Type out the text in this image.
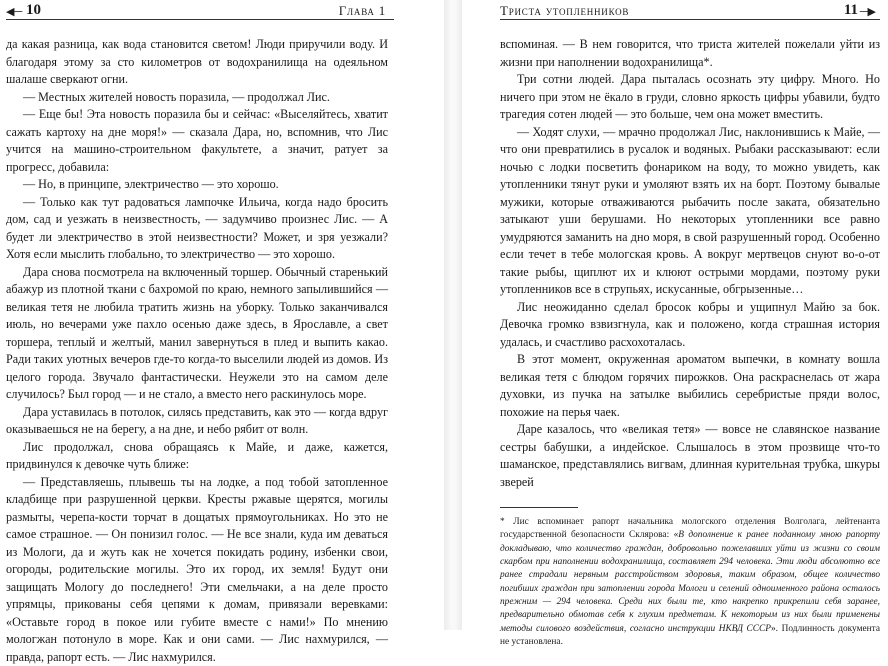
◀─ 10	Глава 1

да какая разница, как вода становится светом! Люди приручили воду. И благодаря этому за сто километров от водохранилища на одеяльном шалаше сверкают огни.

— Местных жителей новость поразила, — продолжал Лис.

— Еще бы! Эта новость поразила бы и сейчас: «Выселяйтесь, хватит сажать картоху на дне моря!» — сказала Дара, но, вспомнив, что Лис учится на машино-строительном факультете, а значит, ратует за прогресс, добавила:

— Но, в принципе, электричество — это хорошо.

— Только как тут радоваться лампочке Ильича, когда надо бросить дом, сад и уезжать в неизвестность, — задумчиво произнес Лис. — А будет ли электричество в этой неизвестности? Может, и зря уезжали? Хотя если мыслить глобально, то электричество — это хорошо.

Дара снова посмотрела на включенный торшер. Обычный старенький абажур из плотной ткани с бахромой по краю, немного запылившийся — великая тетя не любила тратить жизнь на уборку. Только заканчивался июль, но вечерами уже пахло осенью даже здесь, в Ярославле, а свет торшера, теплый и желтый, манил завернуться в плед и выпить какао. Ради таких уютных вечеров где-то когда-то выселили людей из домов. Из целого города. Звучало фантастически. Неужели это на самом деле случилось? Был город — и не стало, а вместо него раскинулось море.

Дара уставилась в потолок, силясь представить, как это — когда вдруг оказываешься не на берегу, а на дне, и небо рябит от волн.

Лис продолжал, снова обращаясь к Майе, и даже, кажется, придвинулся к девочке чуть ближе:

— Представляешь, плывешь ты на лодке, а под тобой затопленное кладбище при разрушенной церкви. Кресты ржавые щерятся, могилы размыты, черепа-кости торчат в дощатых прямоугольниках. Но это не самое страшное. — Он понизил голос. — Не все знали, куда им деваться из Мологи, да и жуть как не хочется покидать родину, избенки свои, огороды, родительские могилы. Это их город, их земля! Будут они защищать Мологу до последнего! Эти смельчаки, а на деле просто упрямцы, прикованы себя цепями к домам, привязали веревками: «Оставьте город в покое или губите вместе с нами!» По мнению мологжан потонуло в море. Как и они сами. — Лис нахмурился, — правда, рапорт есть. — Лис нахмурился.

Триста утопленников	11 ─▶

вспоминая. — В нем говорится, что триста жителей пожелали уйти из жизни при наполнении водохранилища*.

Три сотни людей. Дара пыталась осознать эту цифру. Много. Но ничего при этом не ёкало в груди, словно яркость цифры убавили, будто трагедия сотен людей — это больше, чем она может вместить.

— Ходят слухи, — мрачно продолжал Лис, наклонившись к Майе, — что они превратились в русалок и водяных. Рыбаки рассказывают: если ночью с лодки посветить фонариком на воду, то можно увидеть, как утопленники тянут руки и умоляют взять их на борт. Поэтому бывалые мужики, которые отваживаются рыбачить после заката, обязательно затыкают уши берушами. Но некоторых утопленники все равно умудряются заманить на дно моря, в свой разрушенный город. Особенно если течет в тебе мологская кровь. А вокруг мертвецов снуют во-о-от такие рыбы, щиплют их и клюют острыми мордами, поэтому руки утопленников все в струпьях, искусанные, обгрызенные…

Лис неожиданно сделал бросок кобры и ущипнул Майю за бок. Девочка громко взвизгнула, как и положено, когда страшная история удалась, и счастливо расхохоталась.

В этот момент, окруженная ароматом выпечки, в комнату вошла великая тетя с блюдом горячих пирожков. Она раскраснелась от жара духовки, из пучка на затылке выбились серебристые пряди волос, похожие на перья чаек.

Даре казалось, что «великая тетя» — вовсе не славянское название сестры бабушки, а индейское. Слышалось в этом прозвище что-то шаманское, представлялись вигвам, длинная курительная трубка, шкуры зверей

* Лис вспоминает рапорт начальника мологского отделения Волголага, лейтенанта государственной безопасности Склярова: «В дополнение к ранее поданному мною рапорту докладываю, что количество граждан, добровольно пожелавших уйти из жизни со своим скарбом при наполнении водохранилища, составляет 294 человека. Эти люди абсолютно все ранее страдали нервным расстройством здоровья, таким образом, общее количество погибших граждан при затоплении города Мологи и селений одноименного района осталось прежним — 294 человека. Среди них были те, кто накрепко прикрепили себя заранее, предварительно обмотав себя к глухим предметам. К некоторым из них были применены методы силового воздействия, согласно инструкции НКВД СССР». Подлинность документа не установлена.
